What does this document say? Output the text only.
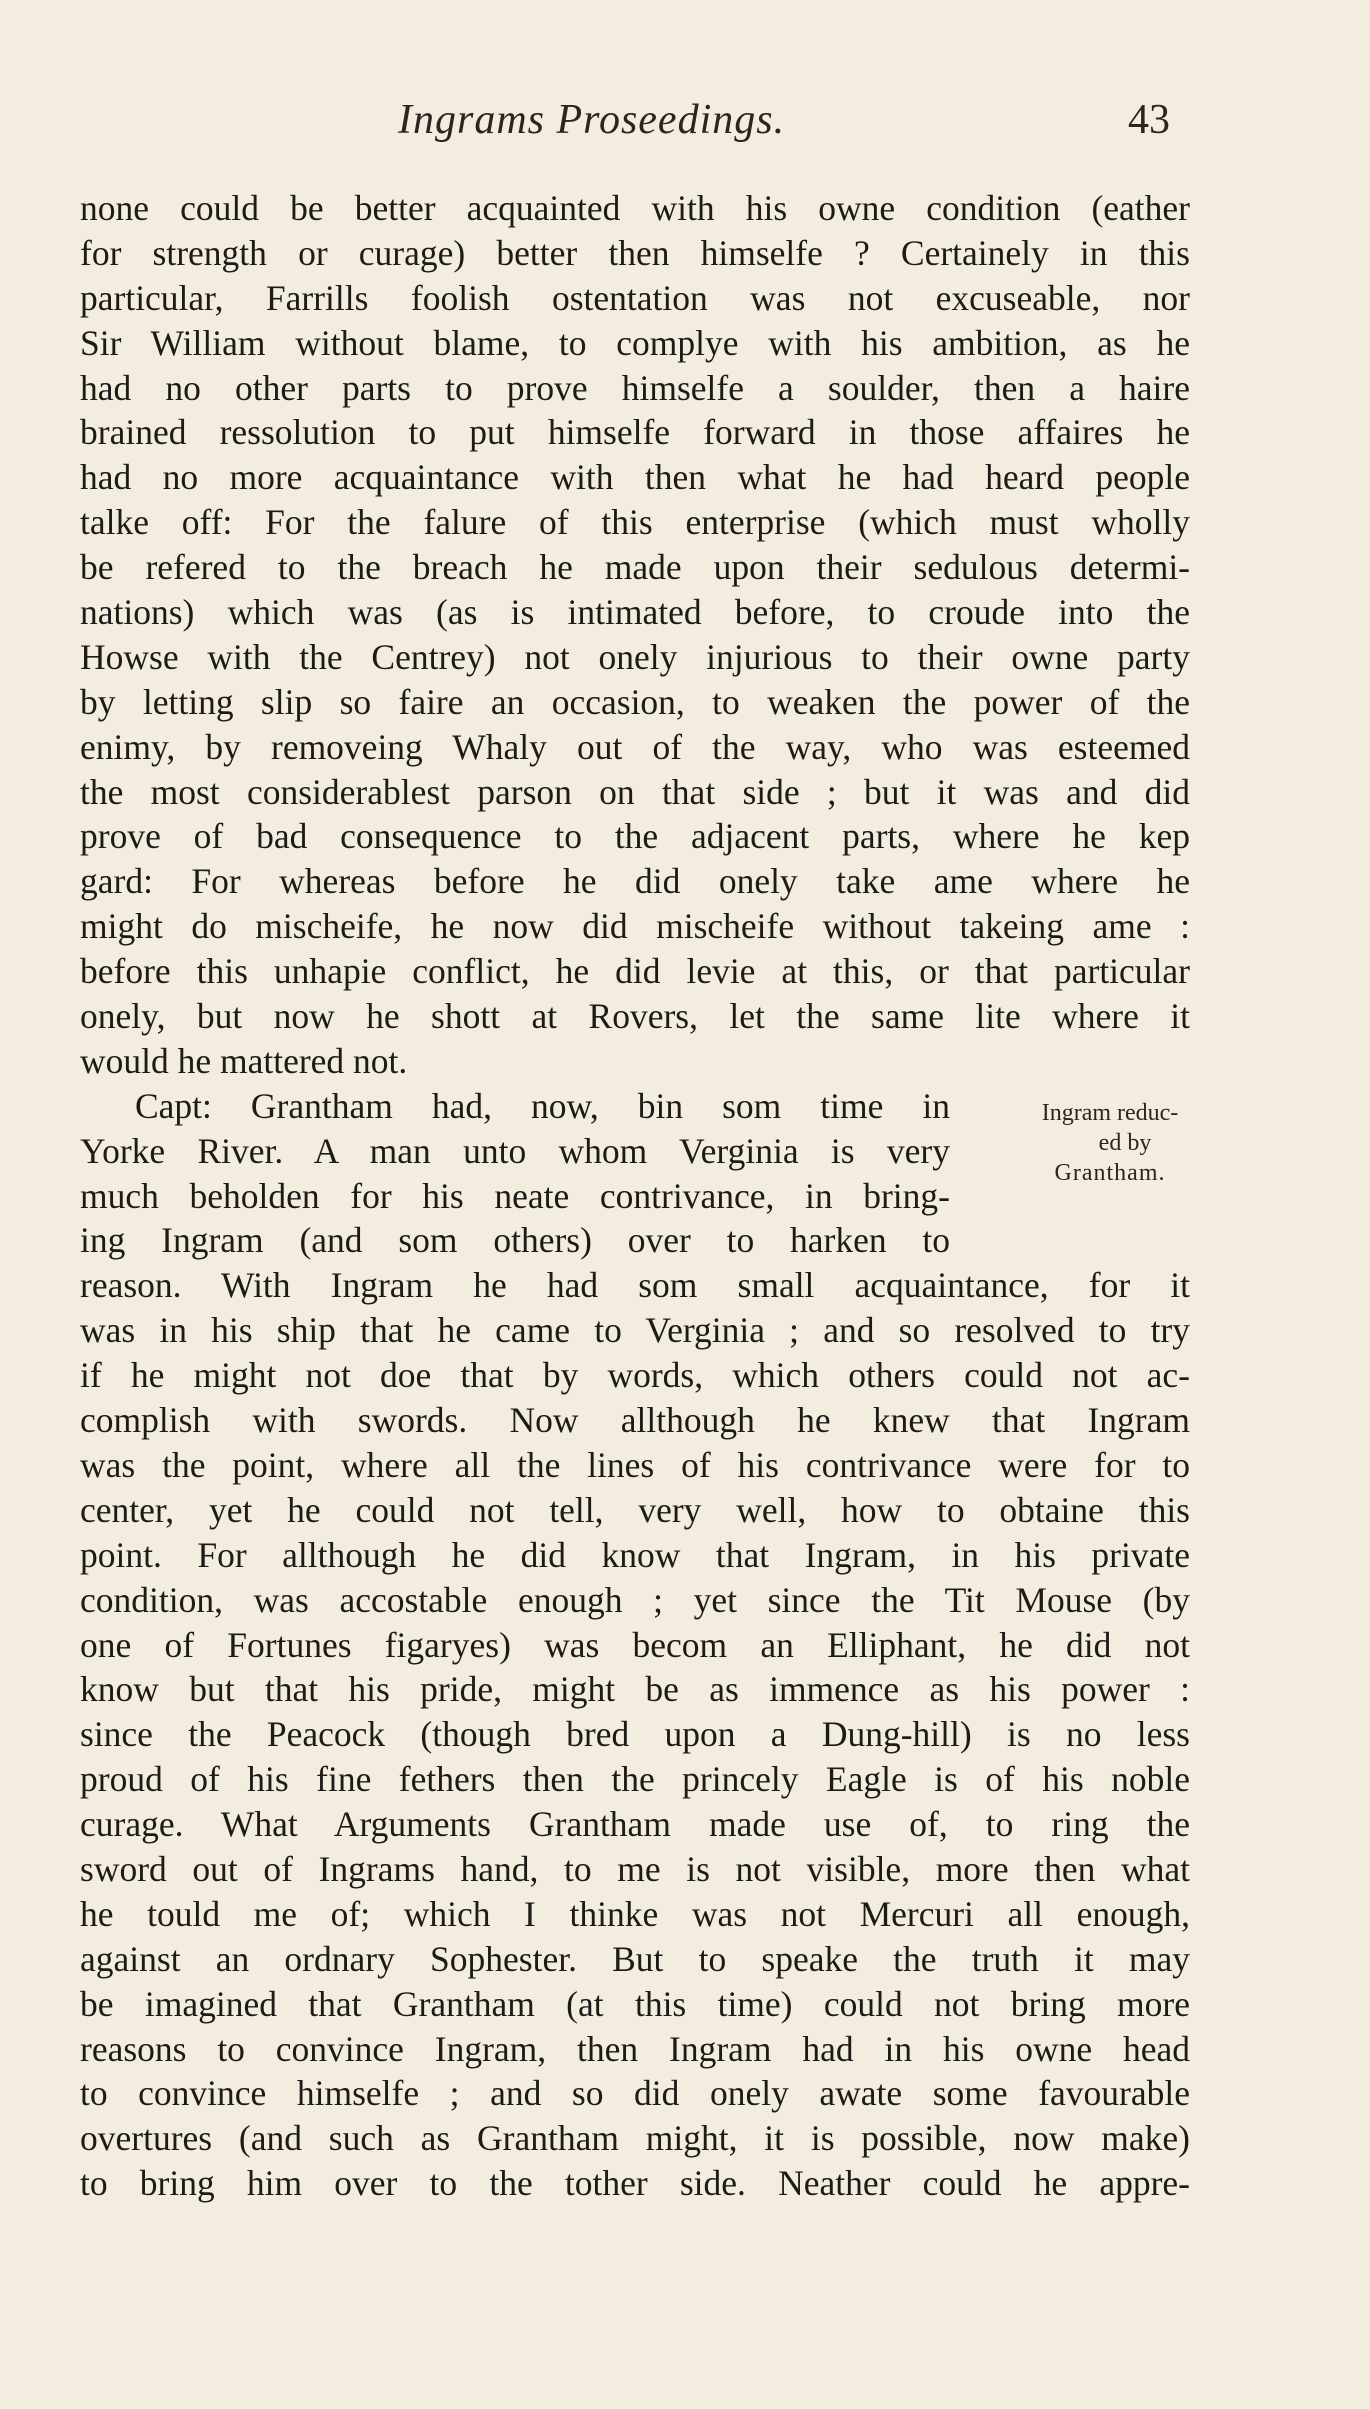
Ingrams Proseedings.	43
none could be better acquainted with his owne condition (eather
for strength or curage) better then himselfe ? Certainely in this
particular, Farrills foolish ostentation was not excuseable, nor
Sir William without blame, to complye with his ambition, as he
had no other parts to prove himselfe a soulder, then a haire
brained ressolution to put himselfe forward in those affaires he
had no more acquaintance with then what he had heard people
talke off: For the falure of this enterprise (which must wholly
be refered to the breach he made upon their sedulous determi-
nations) which was (as is intimated before, to croude into the
Howse with the Centrey) not onely injurious to their owne party
by letting slip so faire an occasion, to weaken the power of the
enimy, by removeing Whaly out of the way, who was esteemed
the most considerablest parson on that side ; but it was and did
prove of bad consequence to the adjacent parts, where he kep
gard: For whereas before he did onely take ame where he
might do mischeife, he now did mischeife without takeing ame :
before this unhapie conflict, he did levie at this, or that particular
onely, but now he shott at Rovers, let the same lite where it
would he mattered not.
Capt: Grantham had, now, bin som time in
Yorke River. A man unto whom Verginia is very
much beholden for his neate contrivance, in bring-
ing Ingram (and som others) over to harken to
reason. With Ingram he had som small acquaintance, for it
was in his ship that he came to Verginia ; and so resolved to try
if he might not doe that by words, which others could not ac-
complish with swords. Now allthough he knew that Ingram
was the point, where all the lines of his contrivance were for to
center, yet he could not tell, very well, how to obtaine this
point. For allthough he did know that Ingram, in his private
condition, was accostable enough ; yet since the Tit Mouse (by
one of Fortunes figaryes) was becom an Elliphant, he did not
know but that his pride, might be as immence as his power :
since the Peacock (though bred upon a Dung-hill) is no less
proud of his fine fethers then the princely Eagle is of his noble
curage. What Arguments Grantham made use of, to ring the
sword out of Ingrams hand, to me is not visible, more then what
he tould me of; which I thinke was not Mercuri all enough,
against an ordnary Sophester. But to speake the truth it may
be imagined that Grantham (at this time) could not bring more
reasons to convince Ingram, then Ingram had in his owne head
to convince himselfe ; and so did onely awate some favourable
overtures (and such as Grantham might, it is possible, now make)
to bring him over to the tother side. Neather could he appre-
Ingram reduc-
ed by
Grantham.
